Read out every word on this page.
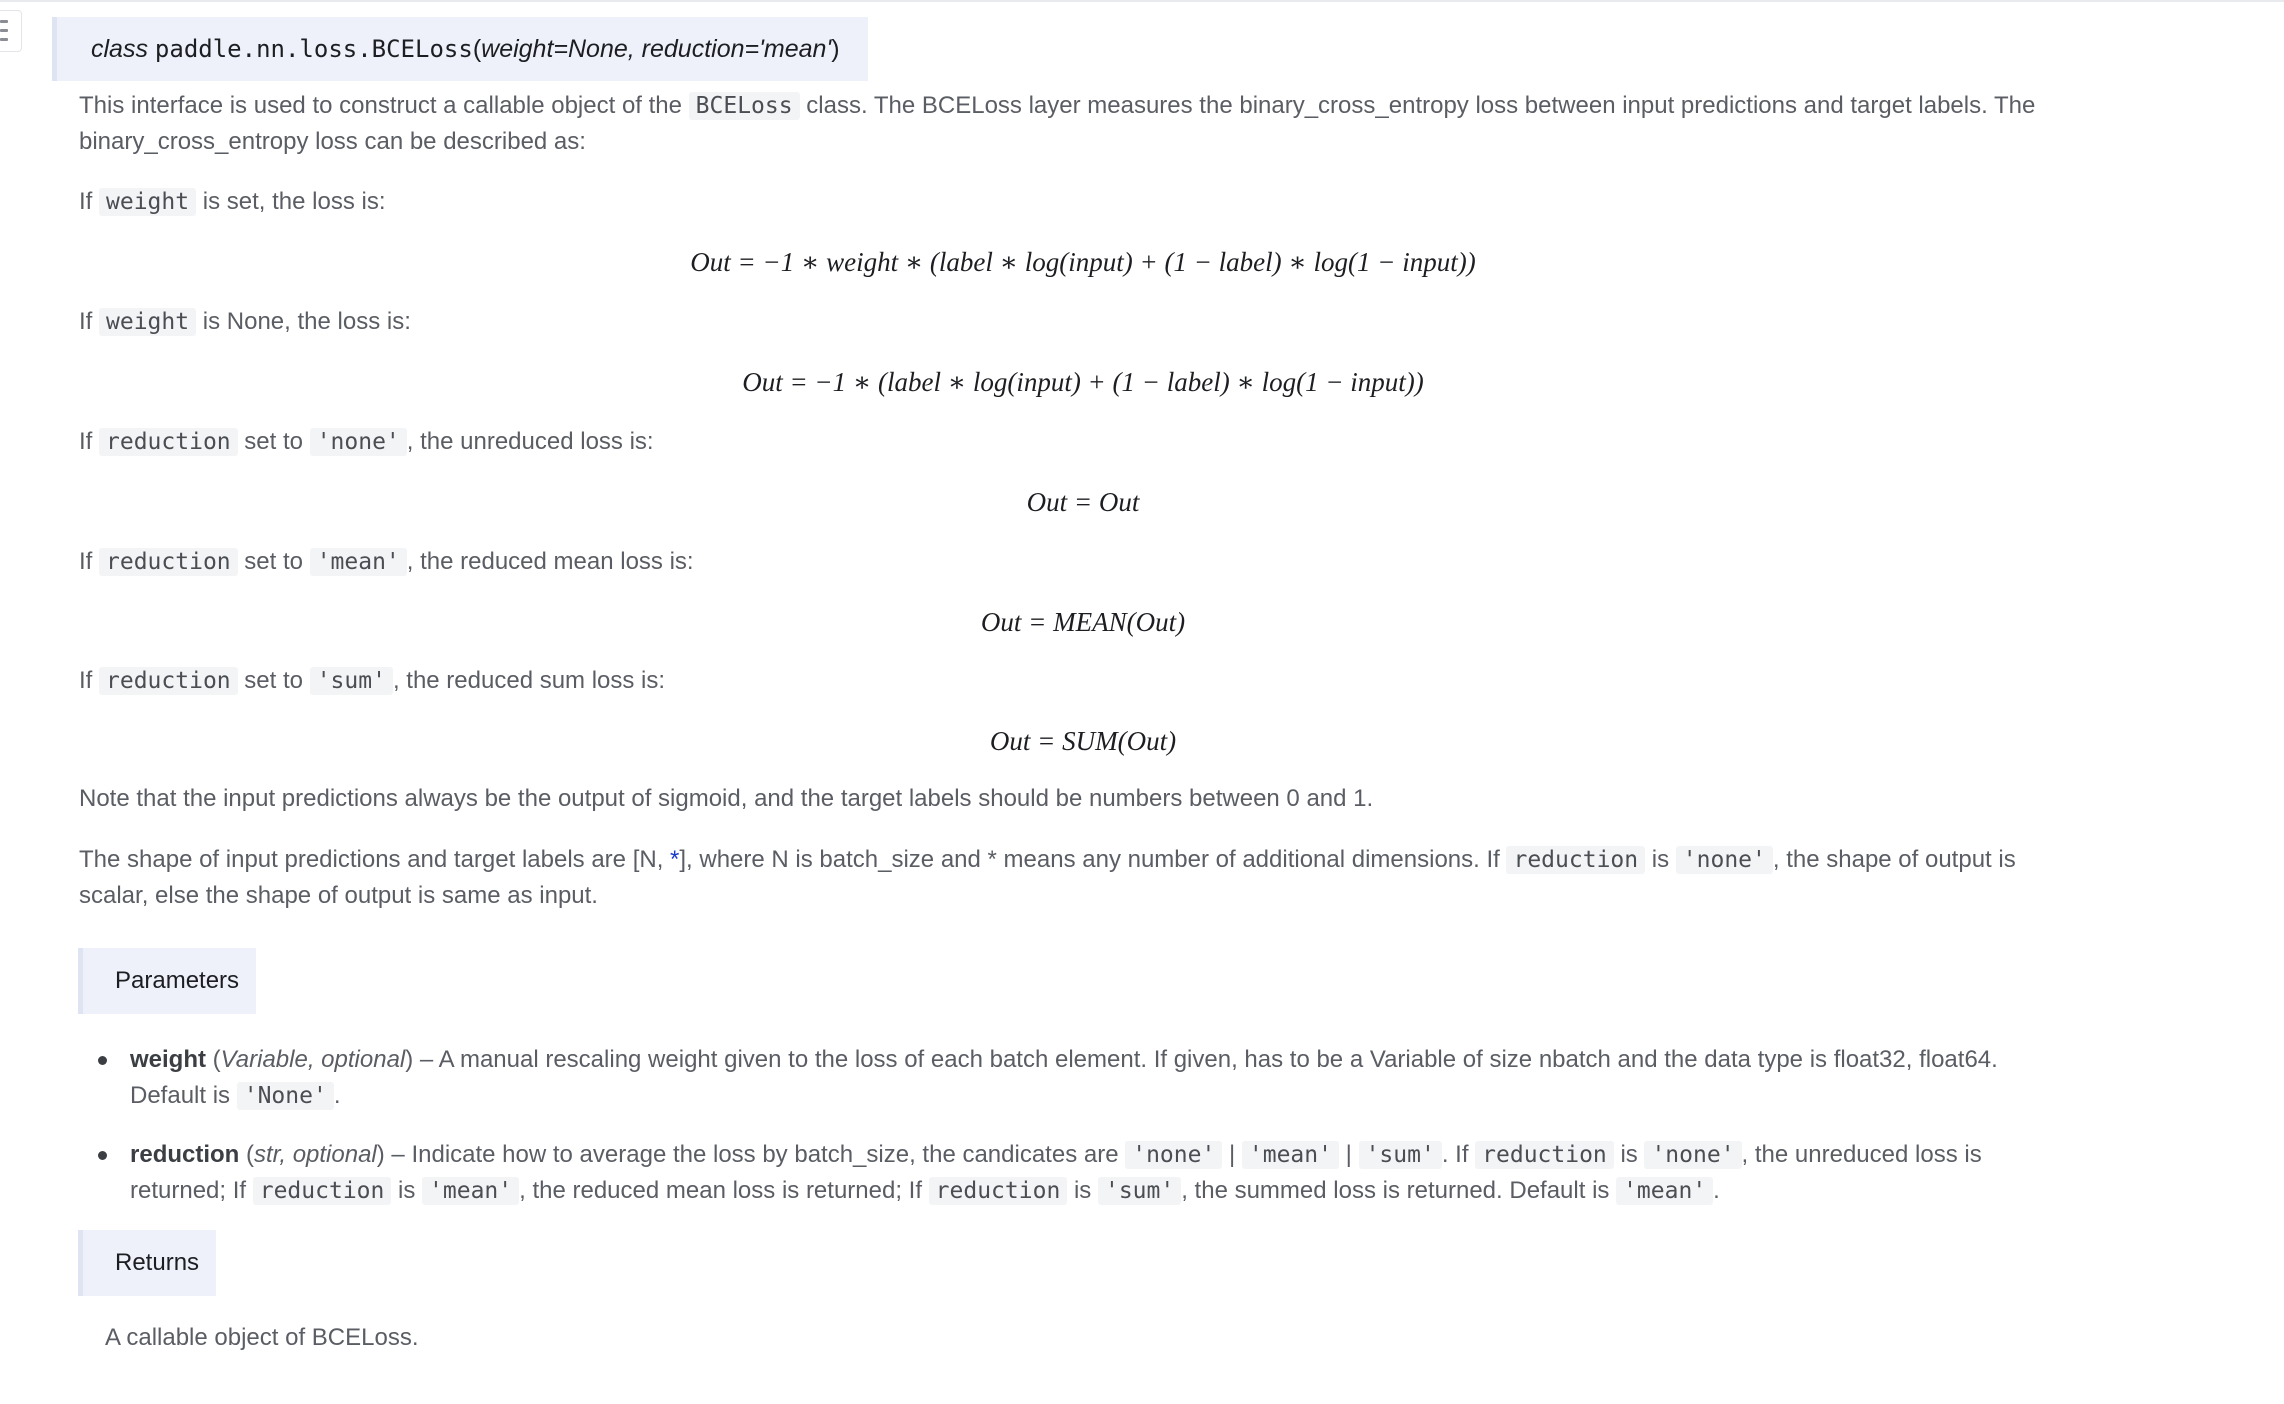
class paddle.nn.loss.BCELoss(weight=None, reduction='mean')

This interface is used to construct a callable object of the BCELoss class. The BCELoss layer measures the binary_cross_entropy loss between input predictions and target labels. The binary_cross_entropy loss can be described as:

If weight is set, the loss is:

Out = −1 ∗ weight ∗ (label ∗ log(input) + (1 − label) ∗ log(1 − input))

If weight is None, the loss is:

Out = −1 ∗ (label ∗ log(input) + (1 − label) ∗ log(1 − input))

If reduction set to 'none' , the unreduced loss is:

Out = Out

If reduction set to 'mean' , the reduced mean loss is:

Out = MEAN(Out)

If reduction set to 'sum' , the reduced sum loss is:

Out = SUM(Out)

Note that the input predictions always be the output of sigmoid, and the target labels should be numbers between 0 and 1.

The shape of input predictions and target labels are [N, *], where N is batch_size and * means any number of additional dimensions. If reduction is 'none' , the shape of output is scalar, else the shape of output is same as input.

Parameters
weight (Variable, optional) – A manual rescaling weight given to the loss of each batch element. If given, has to be a Variable of size nbatch and the data type is float32, float64. Default is 'None' .
reduction (str, optional) – Indicate how to average the loss by batch_size, the candicates are 'none' | 'mean' | 'sum' . If reduction is 'none' , the unreduced loss is returned; If reduction is 'mean' , the reduced mean loss is returned; If reduction is 'sum' , the summed loss is returned. Default is 'mean' .
Returns

A callable object of BCELoss.
